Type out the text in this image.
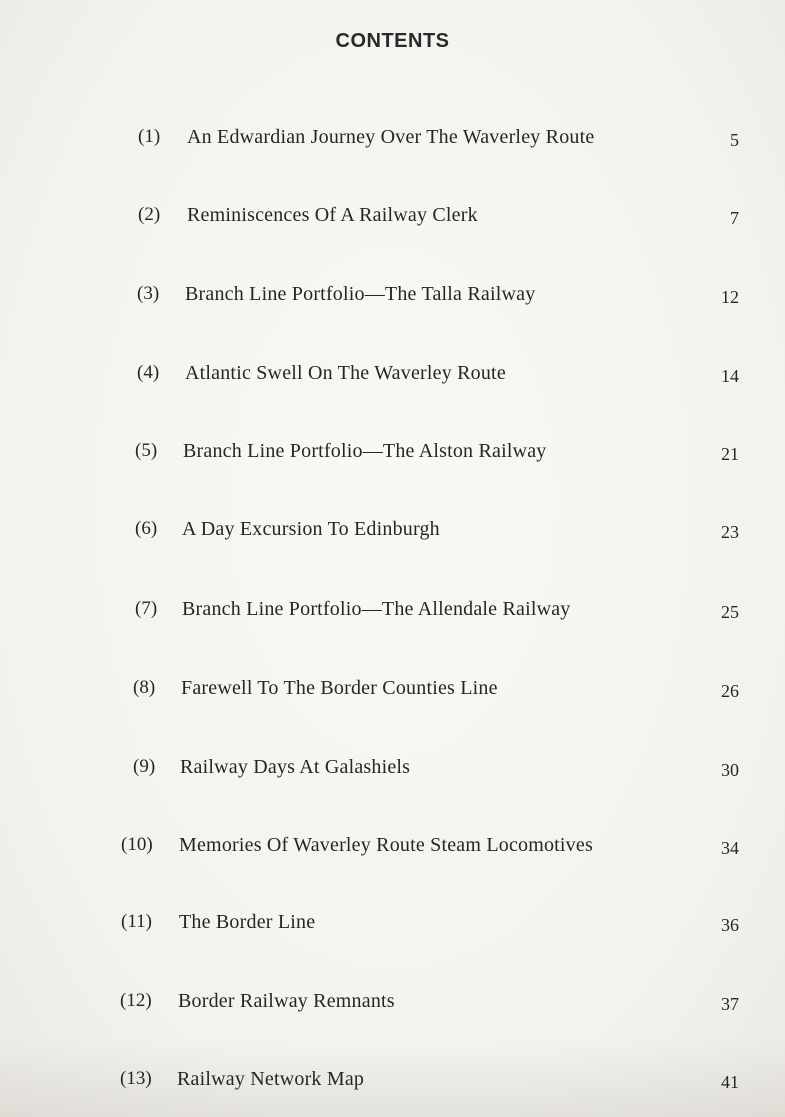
CONTENTS
(1) An Edwardian Journey Over The Waverley Route	5
(2) Reminiscences Of A Railway Clerk	7
(3) Branch Line Portfolio—The Talla Railway	12
(4) Atlantic Swell On The Waverley Route	14
(5) Branch Line Portfolio—The Alston Railway	21
(6) A Day Excursion To Edinburgh	23
(7) Branch Line Portfolio—The Allendale Railway	25
(8) Farewell To The Border Counties Line	26
(9) Railway Days At Galashiels	30
(10) Memories Of Waverley Route Steam Locomotives	34
(11) The Border Line	36
(12) Border Railway Remnants	37
(13) Railway Network Map	41
